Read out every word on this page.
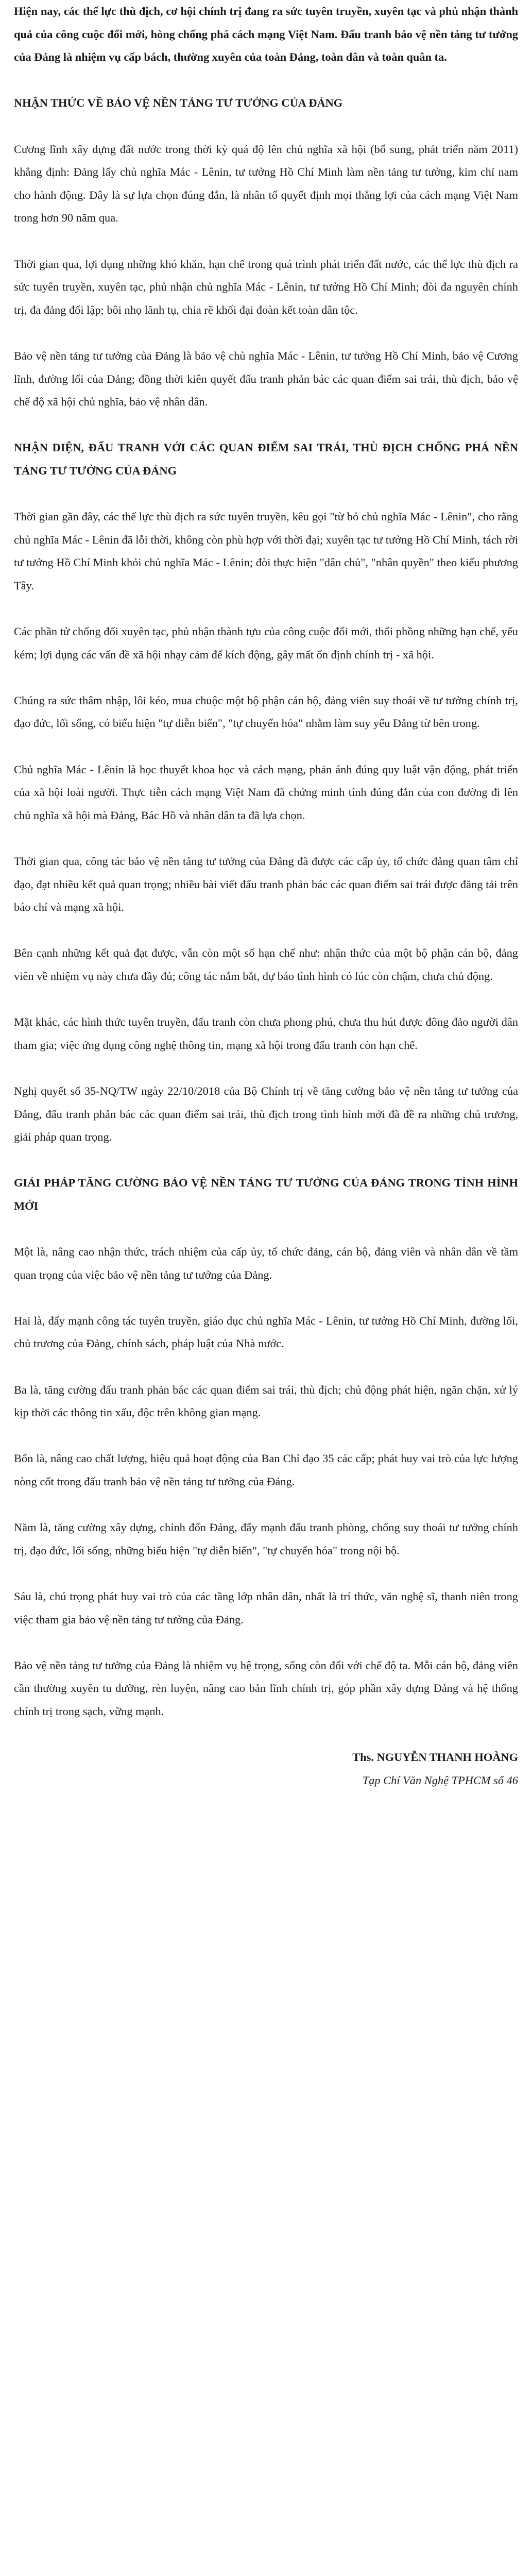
Hiện nay, các thế lực thù địch, cơ hội chính trị đang ra sức tuyên truyền, xuyên tạc và phủ nhận thành quả của công cuộc đổi mới, hòng chống phá cách mạng Việt Nam. Đấu tranh bảo vệ nền tảng tư tưởng của Đảng là nhiệm vụ cấp bách, thường xuyên của toàn Đảng, toàn dân và toàn quân ta.

NHẬN THỨC VỀ BẢO VỆ NỀN TẢNG TƯ TƯỞNG CỦA ĐẢNG

Cương lĩnh xây dựng đất nước trong thời kỳ quá độ lên chủ nghĩa xã hội (bổ sung, phát triển năm 2011) khẳng định: Đảng lấy chủ nghĩa Mác - Lênin, tư tưởng Hồ Chí Minh làm nền tảng tư tưởng, kim chỉ nam cho hành động. Đây là sự lựa chọn đúng đắn, là nhân tố quyết định mọi thắng lợi của cách mạng Việt Nam trong hơn 90 năm qua.

Thời gian qua, lợi dụng những khó khăn, hạn chế trong quá trình phát triển đất nước, các thế lực thù địch ra sức tuyên truyền, xuyên tạc, phủ nhận chủ nghĩa Mác - Lênin, tư tưởng Hồ Chí Minh; đòi đa nguyên chính trị, đa đảng đối lập; bôi nhọ lãnh tụ, chia rẽ khối đại đoàn kết toàn dân tộc.

Bảo vệ nền tảng tư tưởng của Đảng là bảo vệ chủ nghĩa Mác - Lênin, tư tưởng Hồ Chí Minh, bảo vệ Cương lĩnh, đường lối của Đảng; đồng thời kiên quyết đấu tranh phản bác các quan điểm sai trái, thù địch, bảo vệ chế độ xã hội chủ nghĩa, bảo vệ nhân dân.

NHẬN DIỆN, ĐẤU TRANH VỚI CÁC QUAN ĐIỂM SAI TRÁI, THÙ ĐỊCH CHỐNG PHÁ NỀN TẢNG TƯ TƯỞNG CỦA ĐẢNG

Thời gian gần đây, các thế lực thù địch ra sức tuyên truyền, kêu gọi "từ bỏ chủ nghĩa Mác - Lênin", cho rằng chủ nghĩa Mác - Lênin đã lỗi thời, không còn phù hợp với thời đại; xuyên tạc tư tưởng Hồ Chí Minh, tách rời tư tưởng Hồ Chí Minh khỏi chủ nghĩa Mác - Lênin; đòi thực hiện "dân chủ", "nhân quyền" theo kiểu phương Tây.

Các phần tử chống đối xuyên tạc, phủ nhận thành tựu của công cuộc đổi mới, thổi phồng những hạn chế, yếu kém; lợi dụng các vấn đề xã hội nhạy cảm để kích động, gây mất ổn định chính trị - xã hội.

Chúng ra sức thâm nhập, lôi kéo, mua chuộc một bộ phận cán bộ, đảng viên suy thoái về tư tưởng chính trị, đạo đức, lối sống, có biểu hiện "tự diễn biến", "tự chuyển hóa" nhằm làm suy yếu Đảng từ bên trong.

Chủ nghĩa Mác - Lênin là học thuyết khoa học và cách mạng, phản ánh đúng quy luật vận động, phát triển của xã hội loài người. Thực tiễn cách mạng Việt Nam đã chứng minh tính đúng đắn của con đường đi lên chủ nghĩa xã hội mà Đảng, Bác Hồ và nhân dân ta đã lựa chọn.

Thời gian qua, công tác bảo vệ nền tảng tư tưởng của Đảng đã được các cấp ủy, tổ chức đảng quan tâm chỉ đạo, đạt nhiều kết quả quan trọng; nhiều bài viết đấu tranh phản bác các quan điểm sai trái được đăng tải trên báo chí và mạng xã hội.

Bên cạnh những kết quả đạt được, vẫn còn một số hạn chế như: nhận thức của một bộ phận cán bộ, đảng viên về nhiệm vụ này chưa đầy đủ; công tác nắm bắt, dự báo tình hình có lúc còn chậm, chưa chủ động.

Mặt khác, các hình thức tuyên truyền, đấu tranh còn chưa phong phú, chưa thu hút được đông đảo người dân tham gia; việc ứng dụng công nghệ thông tin, mạng xã hội trong đấu tranh còn hạn chế.

Nghị quyết số 35-NQ/TW ngày 22/10/2018 của Bộ Chính trị về tăng cường bảo vệ nền tảng tư tưởng của Đảng, đấu tranh phản bác các quan điểm sai trái, thù địch trong tình hình mới đã đề ra những chủ trương, giải pháp quan trọng.

GIẢI PHÁP TĂNG CƯỜNG BẢO VỆ NỀN TẢNG TƯ TƯỞNG CỦA ĐẢNG TRONG TÌNH HÌNH MỚI

Một là, nâng cao nhận thức, trách nhiệm của cấp ủy, tổ chức đảng, cán bộ, đảng viên và nhân dân về tầm quan trọng của việc bảo vệ nền tảng tư tưởng của Đảng.

Hai là, đẩy mạnh công tác tuyên truyền, giáo dục chủ nghĩa Mác - Lênin, tư tưởng Hồ Chí Minh, đường lối, chủ trương của Đảng, chính sách, pháp luật của Nhà nước.

Ba là, tăng cường đấu tranh phản bác các quan điểm sai trái, thù địch; chủ động phát hiện, ngăn chặn, xử lý kịp thời các thông tin xấu, độc trên không gian mạng.

Bốn là, nâng cao chất lượng, hiệu quả hoạt động của Ban Chỉ đạo 35 các cấp; phát huy vai trò của lực lượng nòng cốt trong đấu tranh bảo vệ nền tảng tư tưởng của Đảng.

Năm là, tăng cường xây dựng, chỉnh đốn Đảng, đẩy mạnh đấu tranh phòng, chống suy thoái tư tưởng chính trị, đạo đức, lối sống, những biểu hiện "tự diễn biến", "tự chuyển hóa" trong nội bộ.

Sáu là, chú trọng phát huy vai trò của các tầng lớp nhân dân, nhất là trí thức, văn nghệ sĩ, thanh niên trong việc tham gia bảo vệ nền tảng tư tưởng của Đảng.

Bảo vệ nền tảng tư tưởng của Đảng là nhiệm vụ hệ trọng, sống còn đối với chế độ ta. Mỗi cán bộ, đảng viên cần thường xuyên tu dưỡng, rèn luyện, nâng cao bản lĩnh chính trị, góp phần xây dựng Đảng và hệ thống chính trị trong sạch, vững mạnh.

Ths. NGUYỄN THANH HOÀNG

Tạp Chí Văn Nghệ TPHCM số 46
